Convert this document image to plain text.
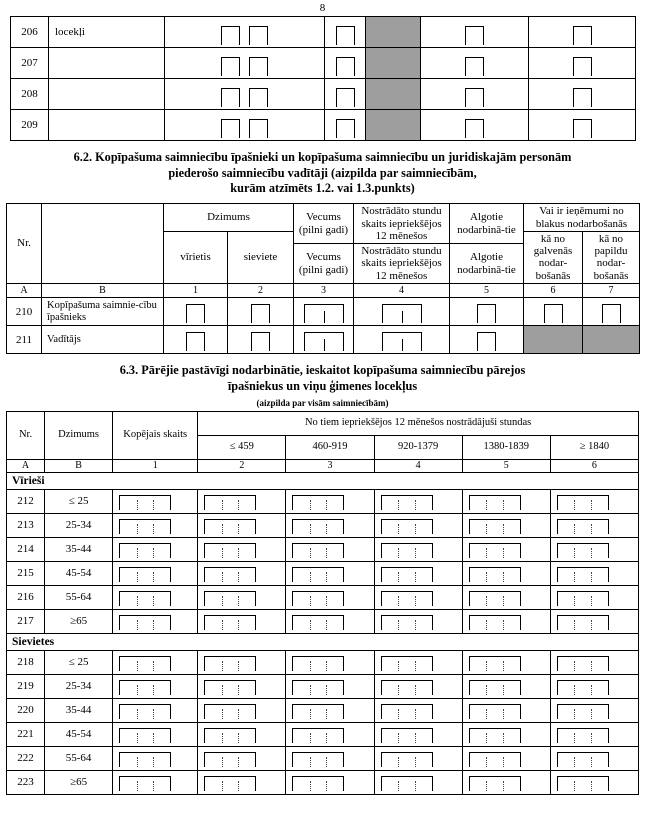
8
206	locekļi	

207		

208		

209		

6.2. Kopīpašuma saimniecību īpašnieki un kopīpašuma saimniecību un juridiskajām personām
piederošo saimniecību vadītāji (aizpilda par saimniecībām,
kurām atzīmēts 1.2. vai 1.3.punkts)
Nr.		Dzimums		Vecums (pilni gadi)	Nostrādāto stundu skaits iepriekšējos 12 mēnešos	Algotie nodarbinā-tie	Vai ir ieņēmumi no blakus nodarbošanās	
		vīrietis	sieviete				kā no galvenās nodar-bošanās	kā no papildu nodar-bošanās
				Vecums (pilni gadi)	Nostrādāto stundu skaits iepriekšējos 12 mēnešos	Algotie nodarbinā-tie		
A	B	1	2	3	4	5	6	7
210	Kopīpašuma saimnie-cību īpašnieks	

211	Vadītājs	

6.3. Pārējie pastāvīgi nodarbinātie, ieskaitot kopīpašuma saimniecību pārejos
īpašniekus un viņu ģimenes locekļus
(aizpilda par visām saimniecībām)
Nr.	Dzimums	Kopējais skaits	No tiem iepriekšējos 12 mēnešos nostrādājuši stundas				
			≤ 459	460-919	920-1379	1380-1839	≥ 1840
A	B	1	2	3	4	5	6
Vīrieši							
212	≤ 25	

213	25-34	

214	35-44	

215	45-54	

216	55-64	

217	≥65	

Sievietes							
218	≤ 25	

219	25-34	

220	35-44	

221	45-54	

222	55-64	

223	≥65	
